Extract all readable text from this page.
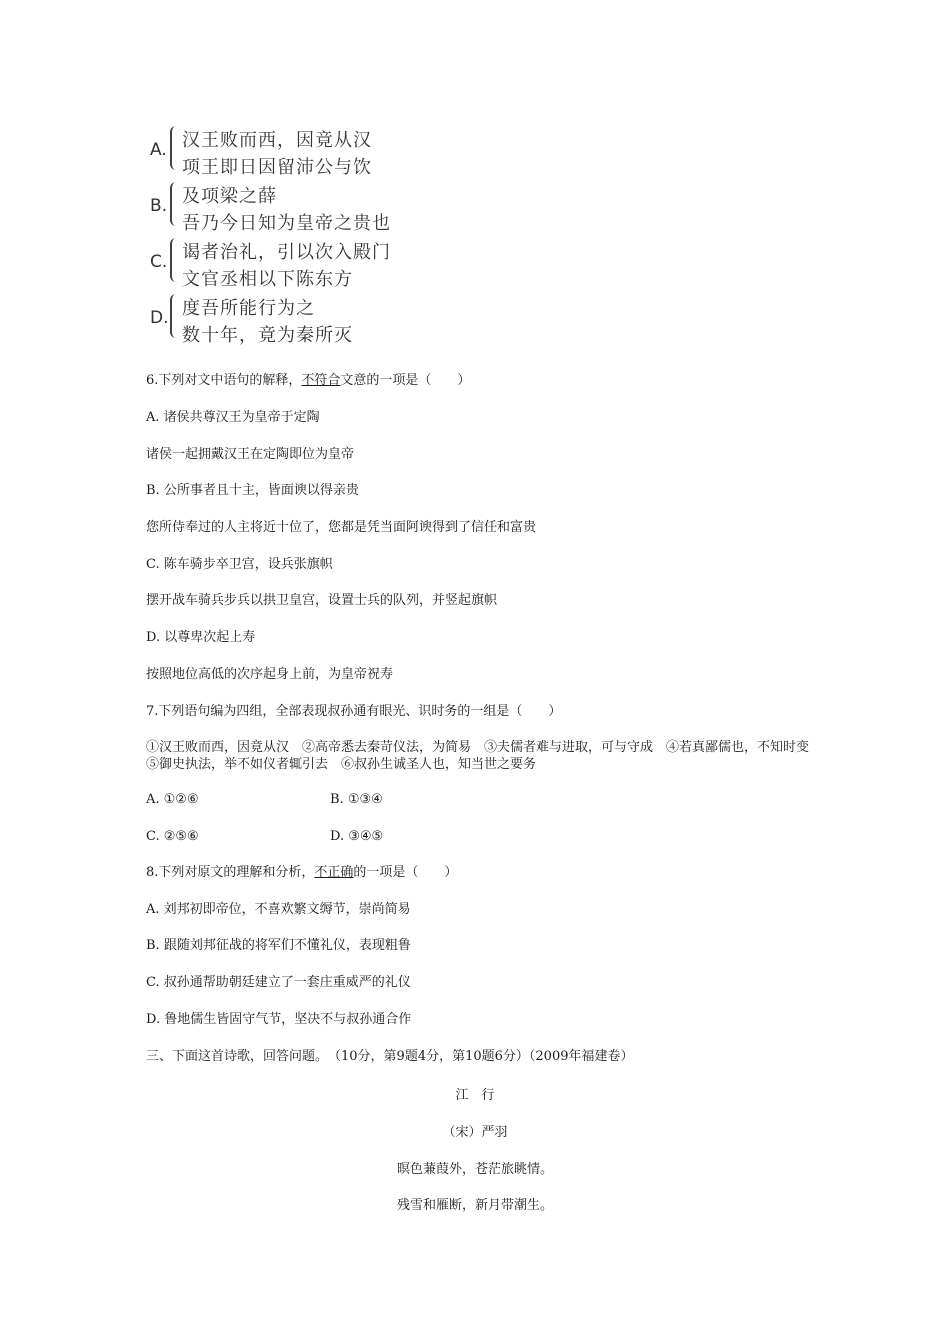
A. 汉王败而西，因竟从汉
项王即日因留沛公与饮
B. 及项梁之薛
吾乃今日知为皇帝之贵也
C. 谒者治礼，引以次入殿门
文官丞相以下陈东方
D. 度吾所能行为之
数十年，竟为秦所灭
6.下列对文中语句的解释，不符合文意的一项是（　　）
A. 诸侯共尊汉王为皇帝于定陶
诸侯一起拥戴汉王在定陶即位为皇帝
B. 公所事者且十主，皆面谀以得亲贵
您所侍奉过的人主将近十位了，您都是凭当面阿谀得到了信任和富贵
C. 陈车骑步卒卫宫，设兵张旗帜
摆开战车骑兵步兵以拱卫皇宫，设置士兵的队列，并竖起旗帜
D. 以尊卑次起上寿
按照地位高低的次序起身上前，为皇帝祝寿
7.下列语句编为四组，全部表现叔孙通有眼光、识时务的一组是（　　）
①汉王败而西，因竟从汉　②高帝悉去秦苛仪法，为简易　③夫儒者难与进取，可与守成　④若真鄙儒也，不知时变　⑤御史执法，举不如仪者辄引去　⑥叔孙生诚圣人也，知当世之要务
A. ①②⑥	B. ①③④
C. ②⑤⑥	D. ③④⑤
8.下列对原文的理解和分析，不正确的一项是（　　）
A. 刘邦初即帝位，不喜欢繁文缛节，崇尚简易
B. 跟随刘邦征战的将军们不懂礼仪，表现粗鲁
C. 叔孙通帮助朝廷建立了一套庄重威严的礼仪
D. 鲁地儒生皆固守气节，坚决不与叔孙通合作
三、下面这首诗歌，回答问题。　（10分，第9题4分，第10题6分）（2009年福建卷）
江　行
（宋）严羽
暝色蒹葭外，苍茫旅眺情。
残雪和雁断，新月带潮生。
